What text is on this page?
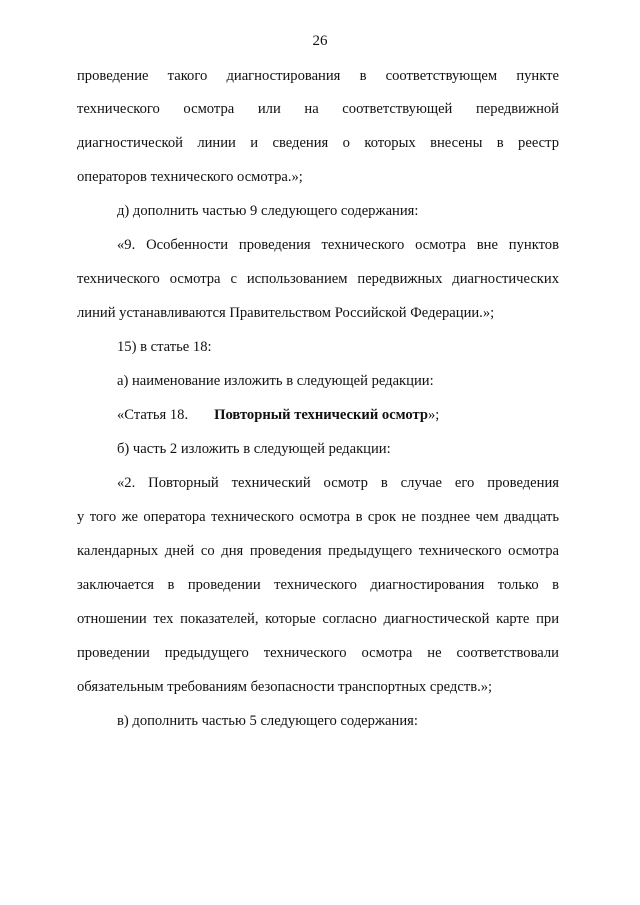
26
проведение такого диагностирования в соответствующем пункте
технического осмотра или на соответствующей передвижной
диагностической линии и сведения о которых внесены в реестр
операторов технического осмотра.»;
д) дополнить частью 9 следующего содержания:
«9. Особенности проведения технического осмотра вне пунктов
технического осмотра с использованием передвижных диагностических
линий устанавливаются Правительством Российской Федерации.»;
15) в статье 18:
а) наименование изложить в следующей редакции:
«Статья 18. Повторный технический осмотр»;
б) часть 2 изложить в следующей редакции:
«2. Повторный технический осмотр в случае его проведения
у того же оператора технического осмотра в срок не позднее чем двадцать
календарных дней со дня проведения предыдущего технического осмотра
заключается в проведении технического диагностирования только в
отношении тех показателей, которые согласно диагностической карте при
проведении предыдущего технического осмотра не соответствовали
обязательным требованиям безопасности транспортных средств.»;
в) дополнить частью 5 следующего содержания:
